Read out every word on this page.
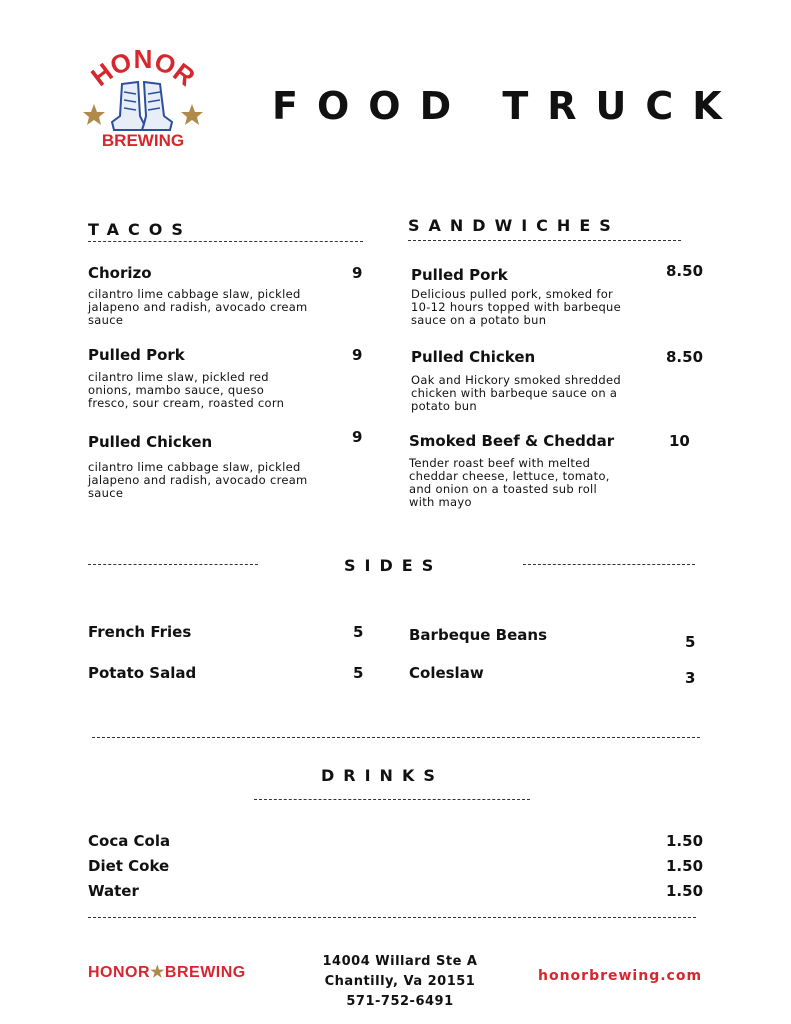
HONOR
BREWING
FOOD TRUCK
TACOS
Chorizo	9
cilantro lime cabbage slaw, pickled
jalapeno and radish, avocado cream
sauce
Pulled Pork	9
cilantro lime slaw, pickled red
onions, mambo sauce, queso
fresco, sour cream, roasted corn
Pulled Chicken	9
cilantro lime cabbage slaw, pickled
jalapeno and radish, avocado cream
sauce
SANDWICHES
Pulled Pork	8.50
Delicious pulled pork, smoked for
10-12 hours topped with barbeque
sauce on a potato bun
Pulled Chicken	8.50
Oak and Hickory smoked shredded
chicken with barbeque sauce on a
potato bun
Smoked Beef & Cheddar	10
Tender roast beef with melted
cheddar cheese, lettuce, tomato,
and onion on a toasted sub roll
with mayo
SIDES
French Fries	5
Potato Salad	5
Barbeque Beans	5
Coleslaw	3
DRINKS
Coca Cola	1.50
Diet Coke	1.50
Water	1.50
HONOR★BREWING
14004 Willard Ste A
Chantilly, Va 20151
571-752-6491
honorbrewing.com
